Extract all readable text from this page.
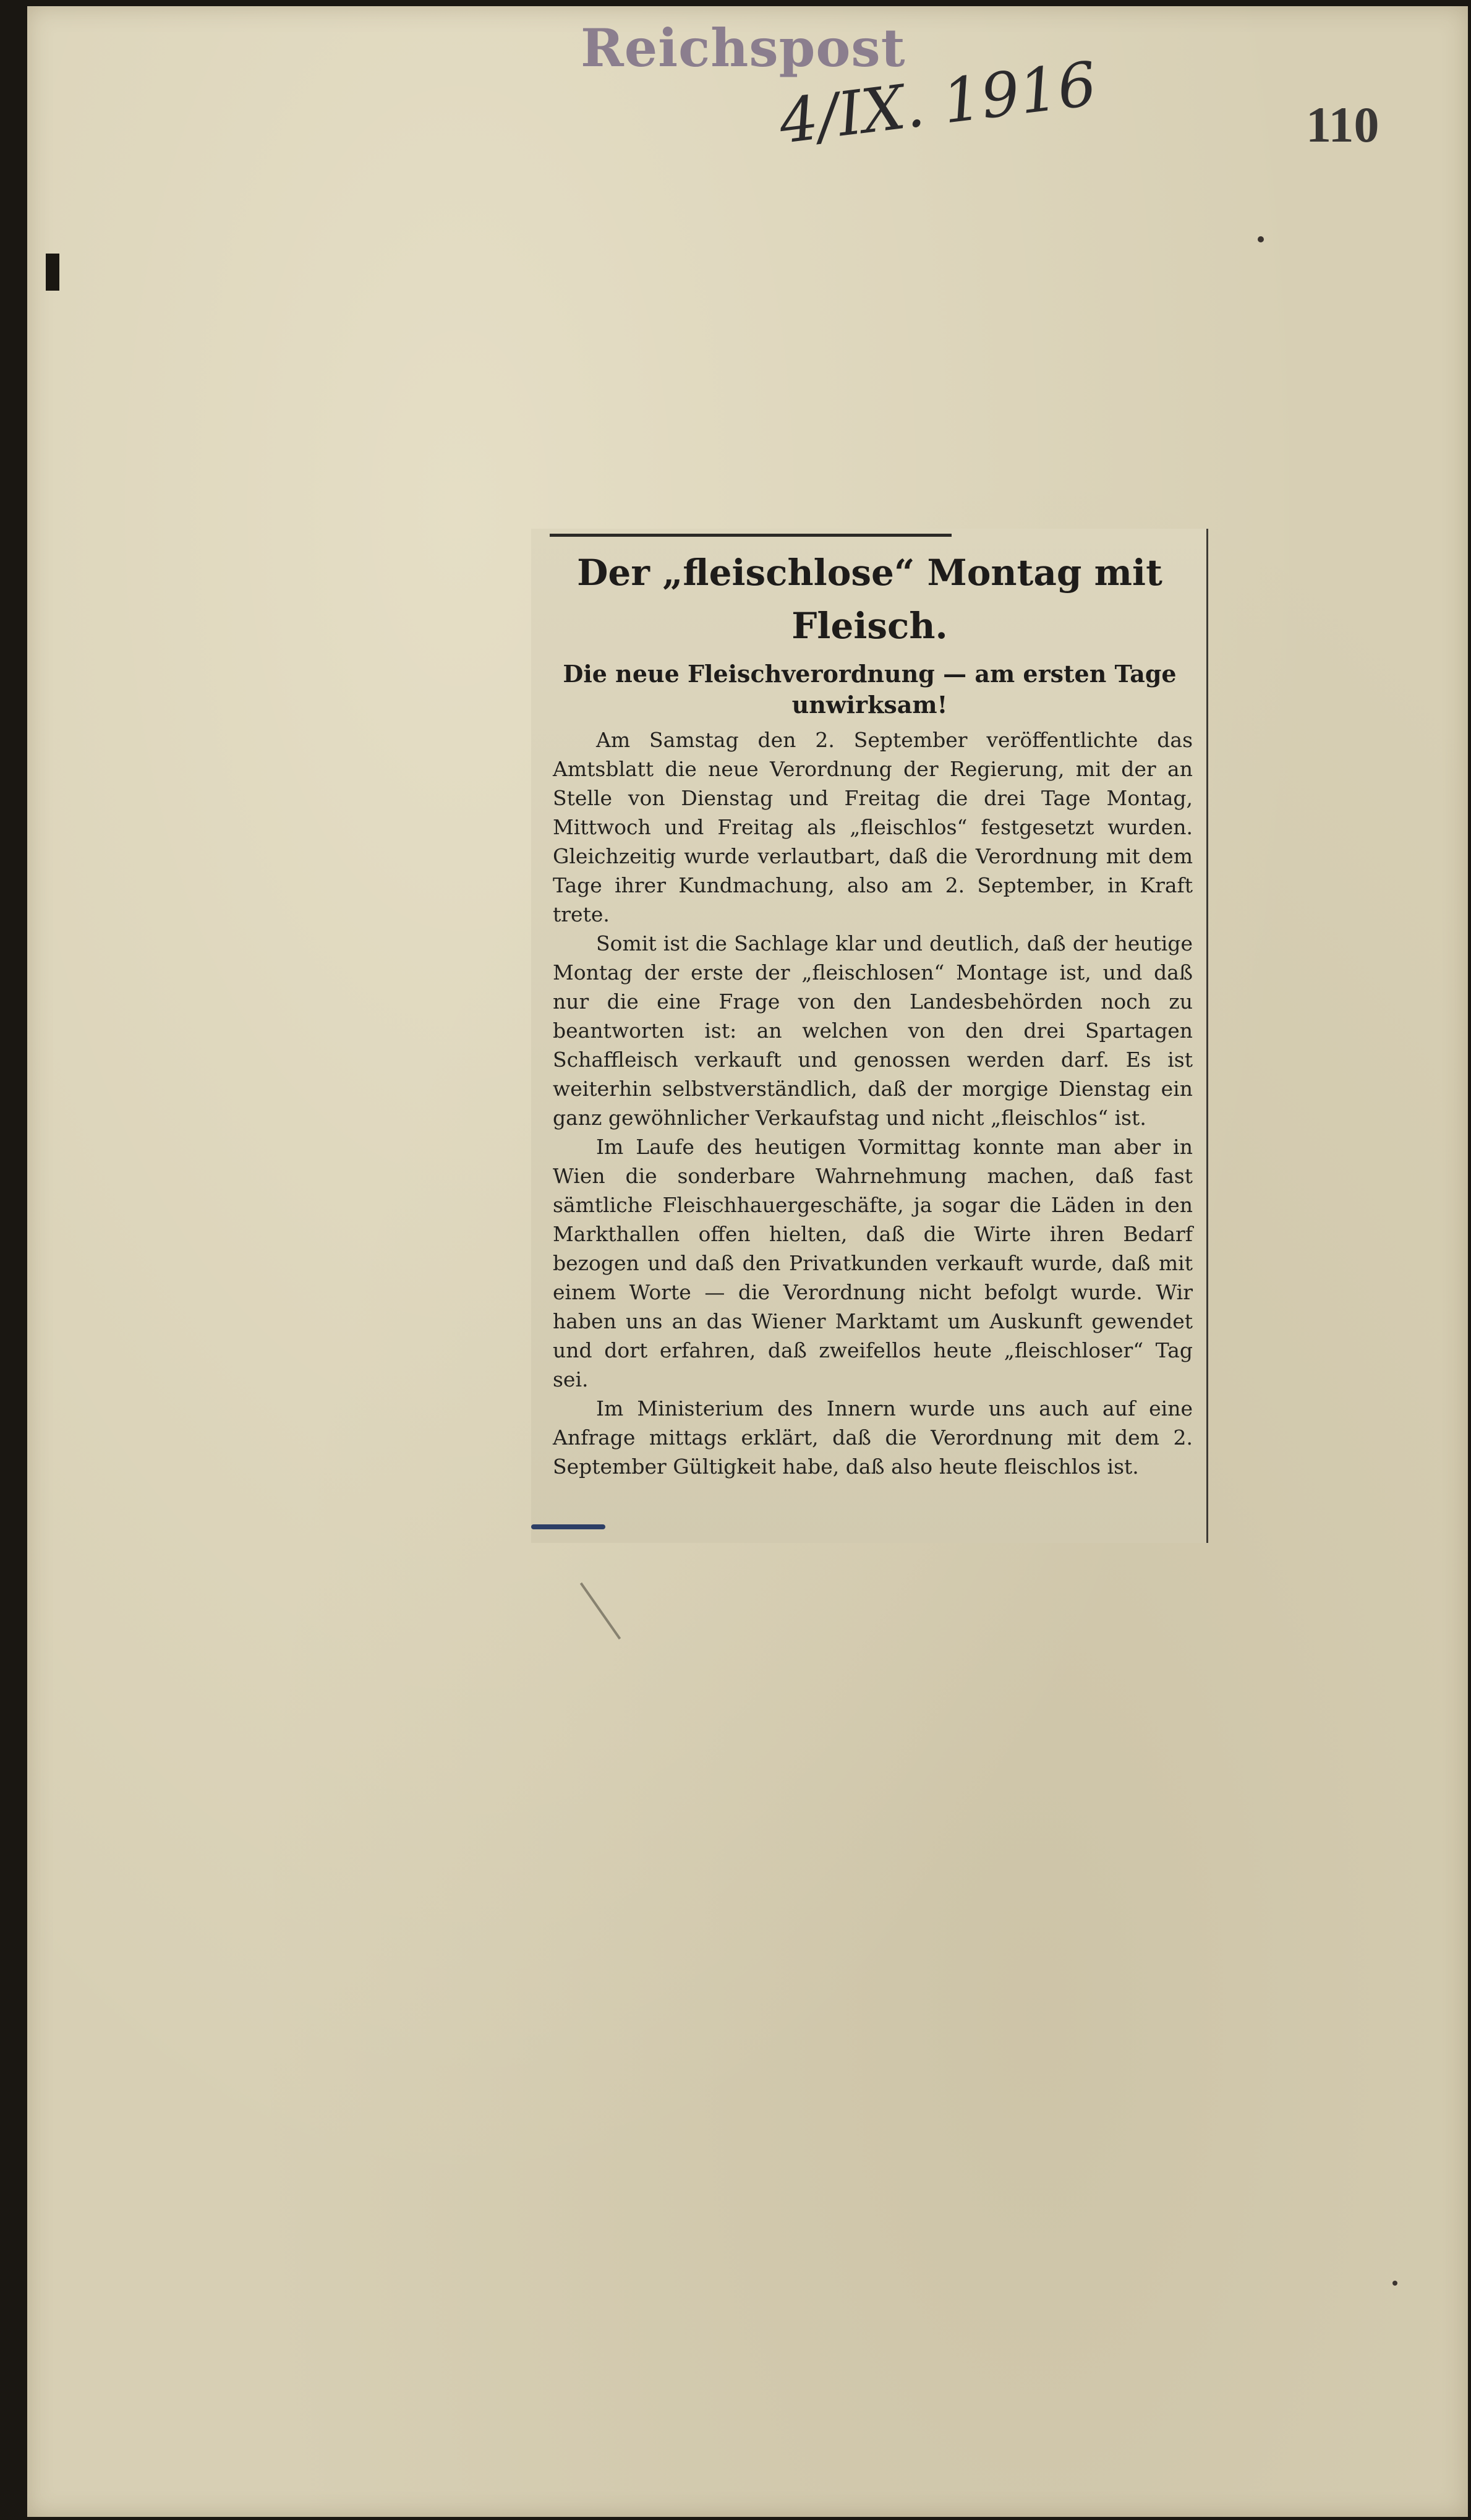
Reichspost
4/IX. 1916	110
Der „fleischlose“ Montag mit Fleisch.
Die neue Fleischverordnung — am ersten Tage unwirksam!

Am Samstag den 2. September veröffentlichte das Amtsblatt die neue Verordnung der Regierung, mit der an Stelle von Dienstag und Freitag die drei Tage Montag, Mittwoch und Freitag als „fleischlos“ festgesetzt wurden. Gleichzeitig wurde verlautbart, daß die Verordnung mit dem Tage ihrer Kundmachung, also am 2. September, in Kraft trete.

Somit ist die Sachlage klar und deutlich, daß der heutige Montag der erste der „fleischlosen“ Montage ist, und daß nur die eine Frage von den Landesbehörden noch zu beantworten ist: an welchen von den drei Spartagen Schaffleisch verkauft und genossen werden darf. Es ist weiterhin selbstverständlich, daß der morgige Dienstag ein ganz gewöhnlicher Verkaufstag und nicht „fleischlos“ ist.

Im Laufe des heutigen Vormittag konnte man aber in Wien die sonderbare Wahrnehmung machen, daß fast sämtliche Fleischhauergeschäfte, ja sogar die Läden in den Markthallen offen hielten, daß die Wirte ihren Bedarf bezogen und daß den Privatkunden verkauft wurde, daß mit einem Worte — die Verordnung nicht befolgt wurde. Wir haben uns an das Wiener Marktamt um Auskunft gewendet und dort erfahren, daß zweifellos heute „fleischloser“ Tag sei.

Im Ministerium des Innern wurde uns auch auf eine Anfrage mittags erklärt, daß die Verordnung mit dem 2. September Gültigkeit habe, daß also heute fleischlos ist.
